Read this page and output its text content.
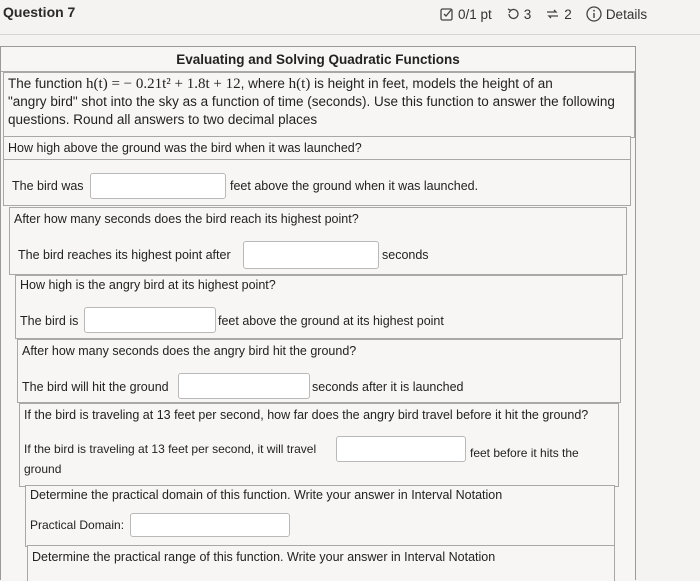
Question 7	0/1 pt 3 2	Details
Evaluating and Solving Quadratic Functions
The function h(t) = − 0.21t² + 1.8t + 12, where h(t) is height in feet, models the height of an
"angry bird" shot into the sky as a function of time (seconds). Use this function to answer the following
questions. Round all answers to two decimal places
How high above the ground was the bird when it was launched?
The bird was	feet above the ground when it was launched.
After how many seconds does the bird reach its highest point?
The bird reaches its highest point after	seconds
How high is the angry bird at its highest point?
The bird is	feet above the ground at its highest point
After how many seconds does the angry bird hit the ground?
The bird will hit the ground	seconds after it is launched
If the bird is traveling at 13 feet per second, how far does the angry bird travel before it hit the ground?
If the bird is traveling at 13 feet per second, it will travel	feet before it hits the
ground
Determine the practical domain of this function. Write your answer in Interval Notation
Practical Domain:
Determine the practical range of this function. Write your answer in Interval Notation
